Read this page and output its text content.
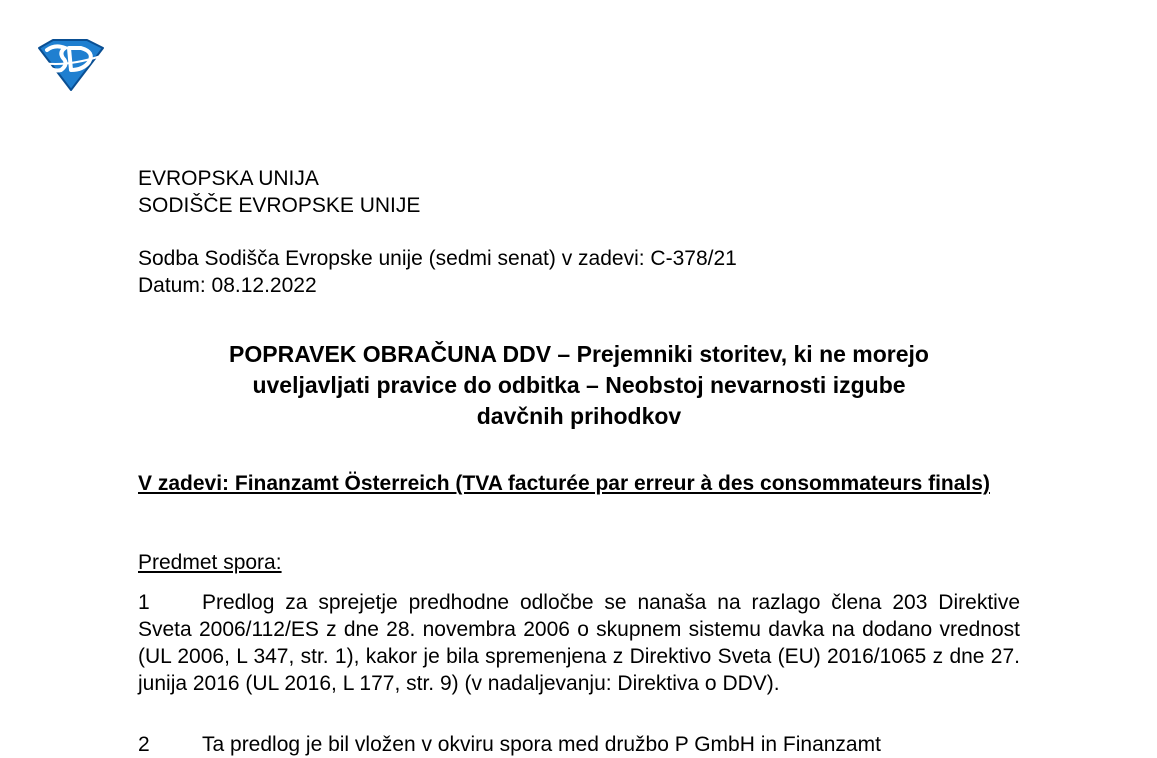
EVROPSKA UNIJA
SODIŠČE EVROPSKE UNIJE
Sodba Sodišča Evropske unije (sedmi senat) v zadevi: C-378/21
Datum: 08.12.2022
POPRAVEK OBRAČUNA DDV – Prejemniki storitev, ki ne morejo
uveljavljati pravice do odbitka – Neobstoj nevarnosti izgube
davčnih prihodkov
V zadevi: Finanzamt Österreich (TVA facturée par erreur à des consommateurs finals)
Predmet spora:
1 Predlog za sprejetje predhodne odločbe se nanaša na razlago člena 203 Direktive Sveta 2006/112/ES z dne 28. novembra 2006 o skupnem sistemu davka na dodano vrednost (UL 2006, L 347, str. 1), kakor je bila spremenjena z Direktivo Sveta (EU) 2016/1065 z dne 27. junija 2016 (UL 2016, L 177, str. 9) (v nadaljevanju: Direktiva o DDV).
2 Ta predlog je bil vložen v okviru spora med družbo P GmbH in Finanzamt
